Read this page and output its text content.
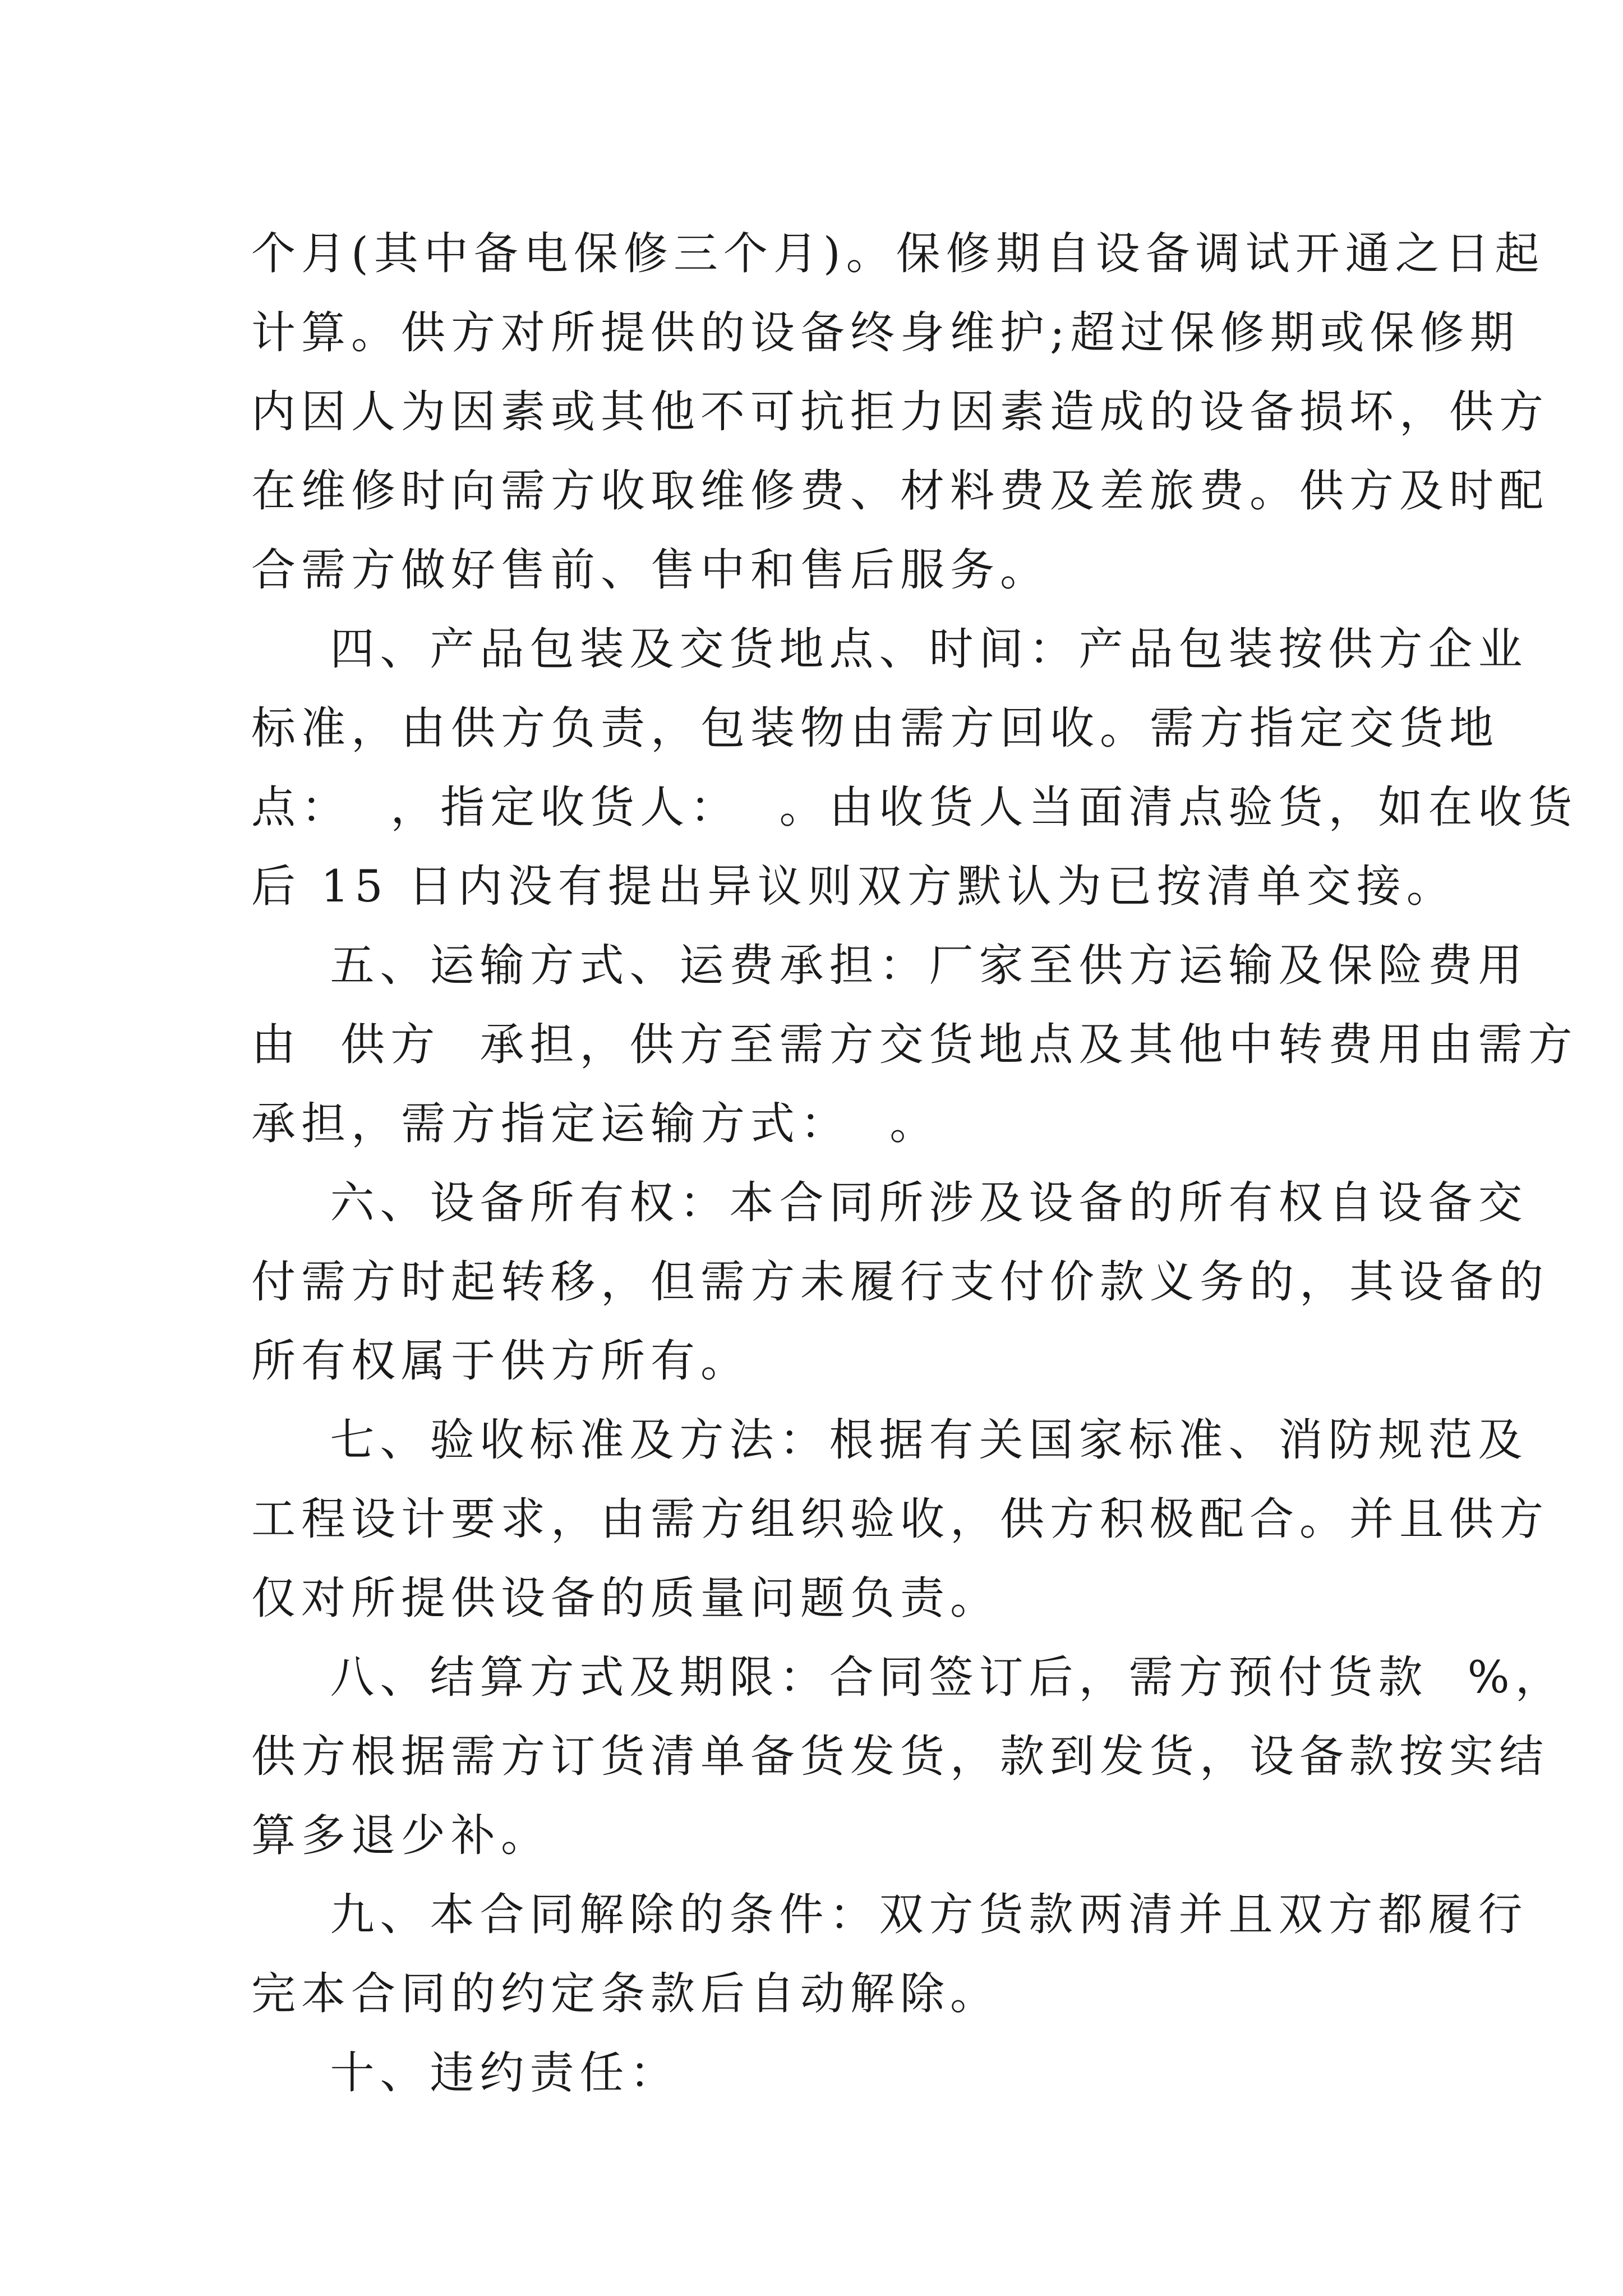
个月(其中备电保修三个月)。保修期自设备调试开通之日起
计算。供方对所提供的设备终身维护;超过保修期或保修期
内因人为因素或其他不可抗拒力因素造成的设备损坏，供方
在维修时向需方收取维修费、材料费及差旅费。供方及时配
合需方做好售前、售中和售后服务。
四、产品包装及交货地点、时间：产品包装按供方企业
标准，由供方负责，包装物由需方回收。需方指定交货地
点：  ，指定收货人：  。由收货人当面清点验货，如在收货
后 15 日内没有提出异议则双方默认为已按清单交接。
五、运输方式、运费承担：厂家至供方运输及保险费用
由  供方  承担，供方至需方交货地点及其他中转费用由需方
承担，需方指定运输方式：  。
六、设备所有权：本合同所涉及设备的所有权自设备交
付需方时起转移，但需方未履行支付价款义务的，其设备的
所有权属于供方所有。
七、验收标准及方法：根据有关国家标准、消防规范及
工程设计要求，由需方组织验收，供方积极配合。并且供方
仅对所提供设备的质量问题负责。
八、结算方式及期限：合同签订后，需方预付货款  %，
供方根据需方订货清单备货发货，款到发货，设备款按实结
算多退少补。
九、本合同解除的条件：双方货款两清并且双方都履行
完本合同的约定条款后自动解除。
十、违约责任：
